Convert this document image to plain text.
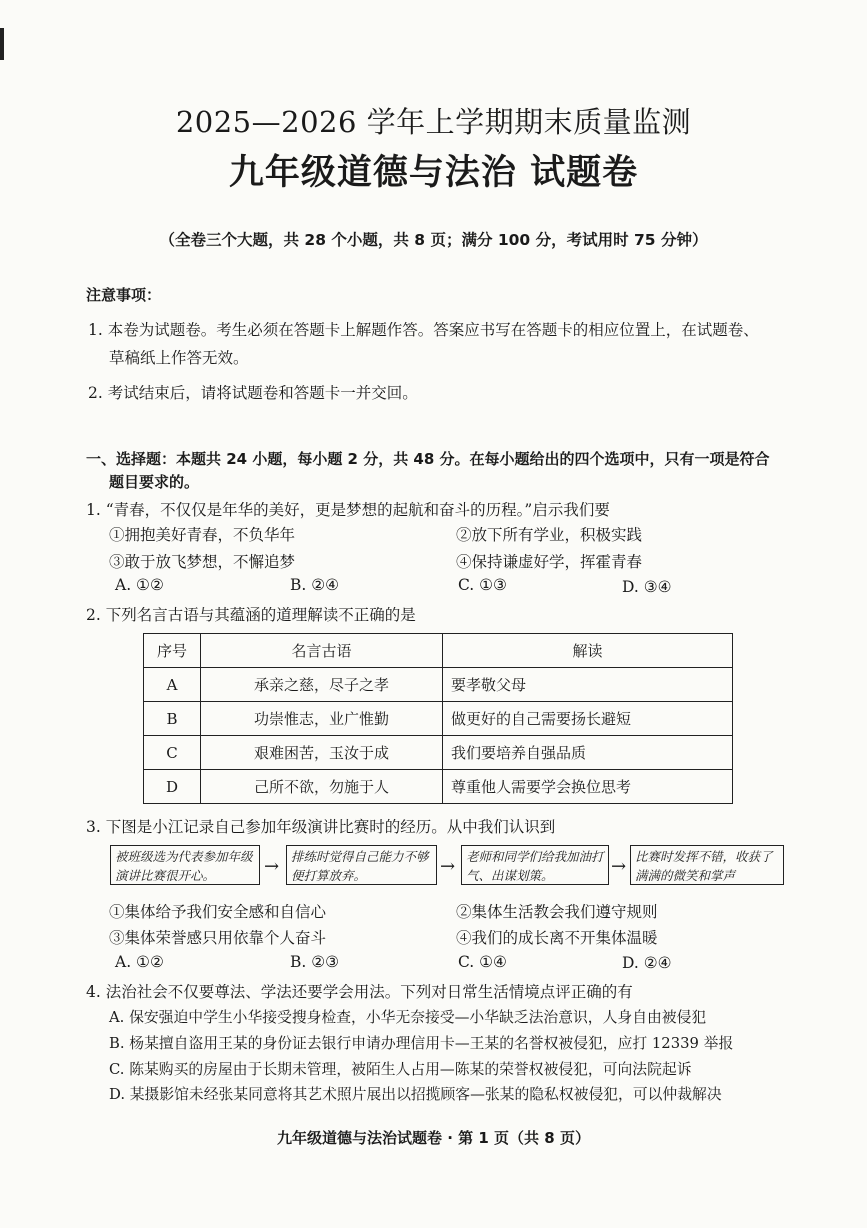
2025—2026 学年上学期期末质量监测
九年级道德与法治 试题卷
（全卷三个大题，共 28 个小题，共 8 页；满分 100 分，考试用时 75 分钟）
注意事项：
1. 本卷为试题卷。考生必须在答题卡上解题作答。答案应书写在答题卡的相应位置上，在试题卷、
草稿纸上作答无效。
2. 考试结束后，请将试题卷和答题卡一并交回。
一、选择题：本题共 24 小题，每小题 2 分，共 48 分。在每小题给出的四个选项中，只有一项是符合
题目要求的。
1. “青春，不仅仅是年华的美好，更是梦想的起航和奋斗的历程。”启示我们要
①拥抱美好青春，不负华年	②放下所有学业，积极实践
③敢于放飞梦想，不懈追梦	④保持谦虚好学，挥霍青春
A. ①②	B. ②④	C. ①③	D. ③④
2. 下列名言古语与其蕴涵的道理解读不正确的是
序号	名言古语	解读
A	承亲之慈，尽子之孝	要孝敬父母
B	功崇惟志，业广惟勤	做更好的自己需要扬长避短
C	艰难困苦，玉汝于成	我们要培养自强品质
D	己所不欲，勿施于人	尊重他人需要学会换位思考
3. 下图是小江记录自己参加年级演讲比赛时的经历。从中我们认识到
被班级选为代表参加年级演讲比赛很开心。	→ 排练时觉得自己能力不够便打算放弃。	→ 老师和同学们给我加油打气、出谋划策。	→ 比赛时发挥不错，收获了满满的微笑和掌声
①集体给予我们安全感和自信心	②集体生活教会我们遵守规则
③集体荣誉感只用依靠个人奋斗	④我们的成长离不开集体温暖
A. ①②	B. ②③	C. ①④	D. ②④
4. 法治社会不仅要尊法、学法还要学会用法。下列对日常生活情境点评正确的有
A. 保安强迫中学生小华接受搜身检查，小华无奈接受—小华缺乏法治意识，人身自由被侵犯
B. 杨某擅自盗用王某的身份证去银行申请办理信用卡—王某的名誉权被侵犯，应打 12339 举报
C. 陈某购买的房屋由于长期未管理，被陌生人占用—陈某的荣誉权被侵犯，可向法院起诉
D. 某摄影馆未经张某同意将其艺术照片展出以招揽顾客—张某的隐私权被侵犯，可以仲裁解决
九年级道德与法治试题卷 · 第 1 页（共 8 页）
